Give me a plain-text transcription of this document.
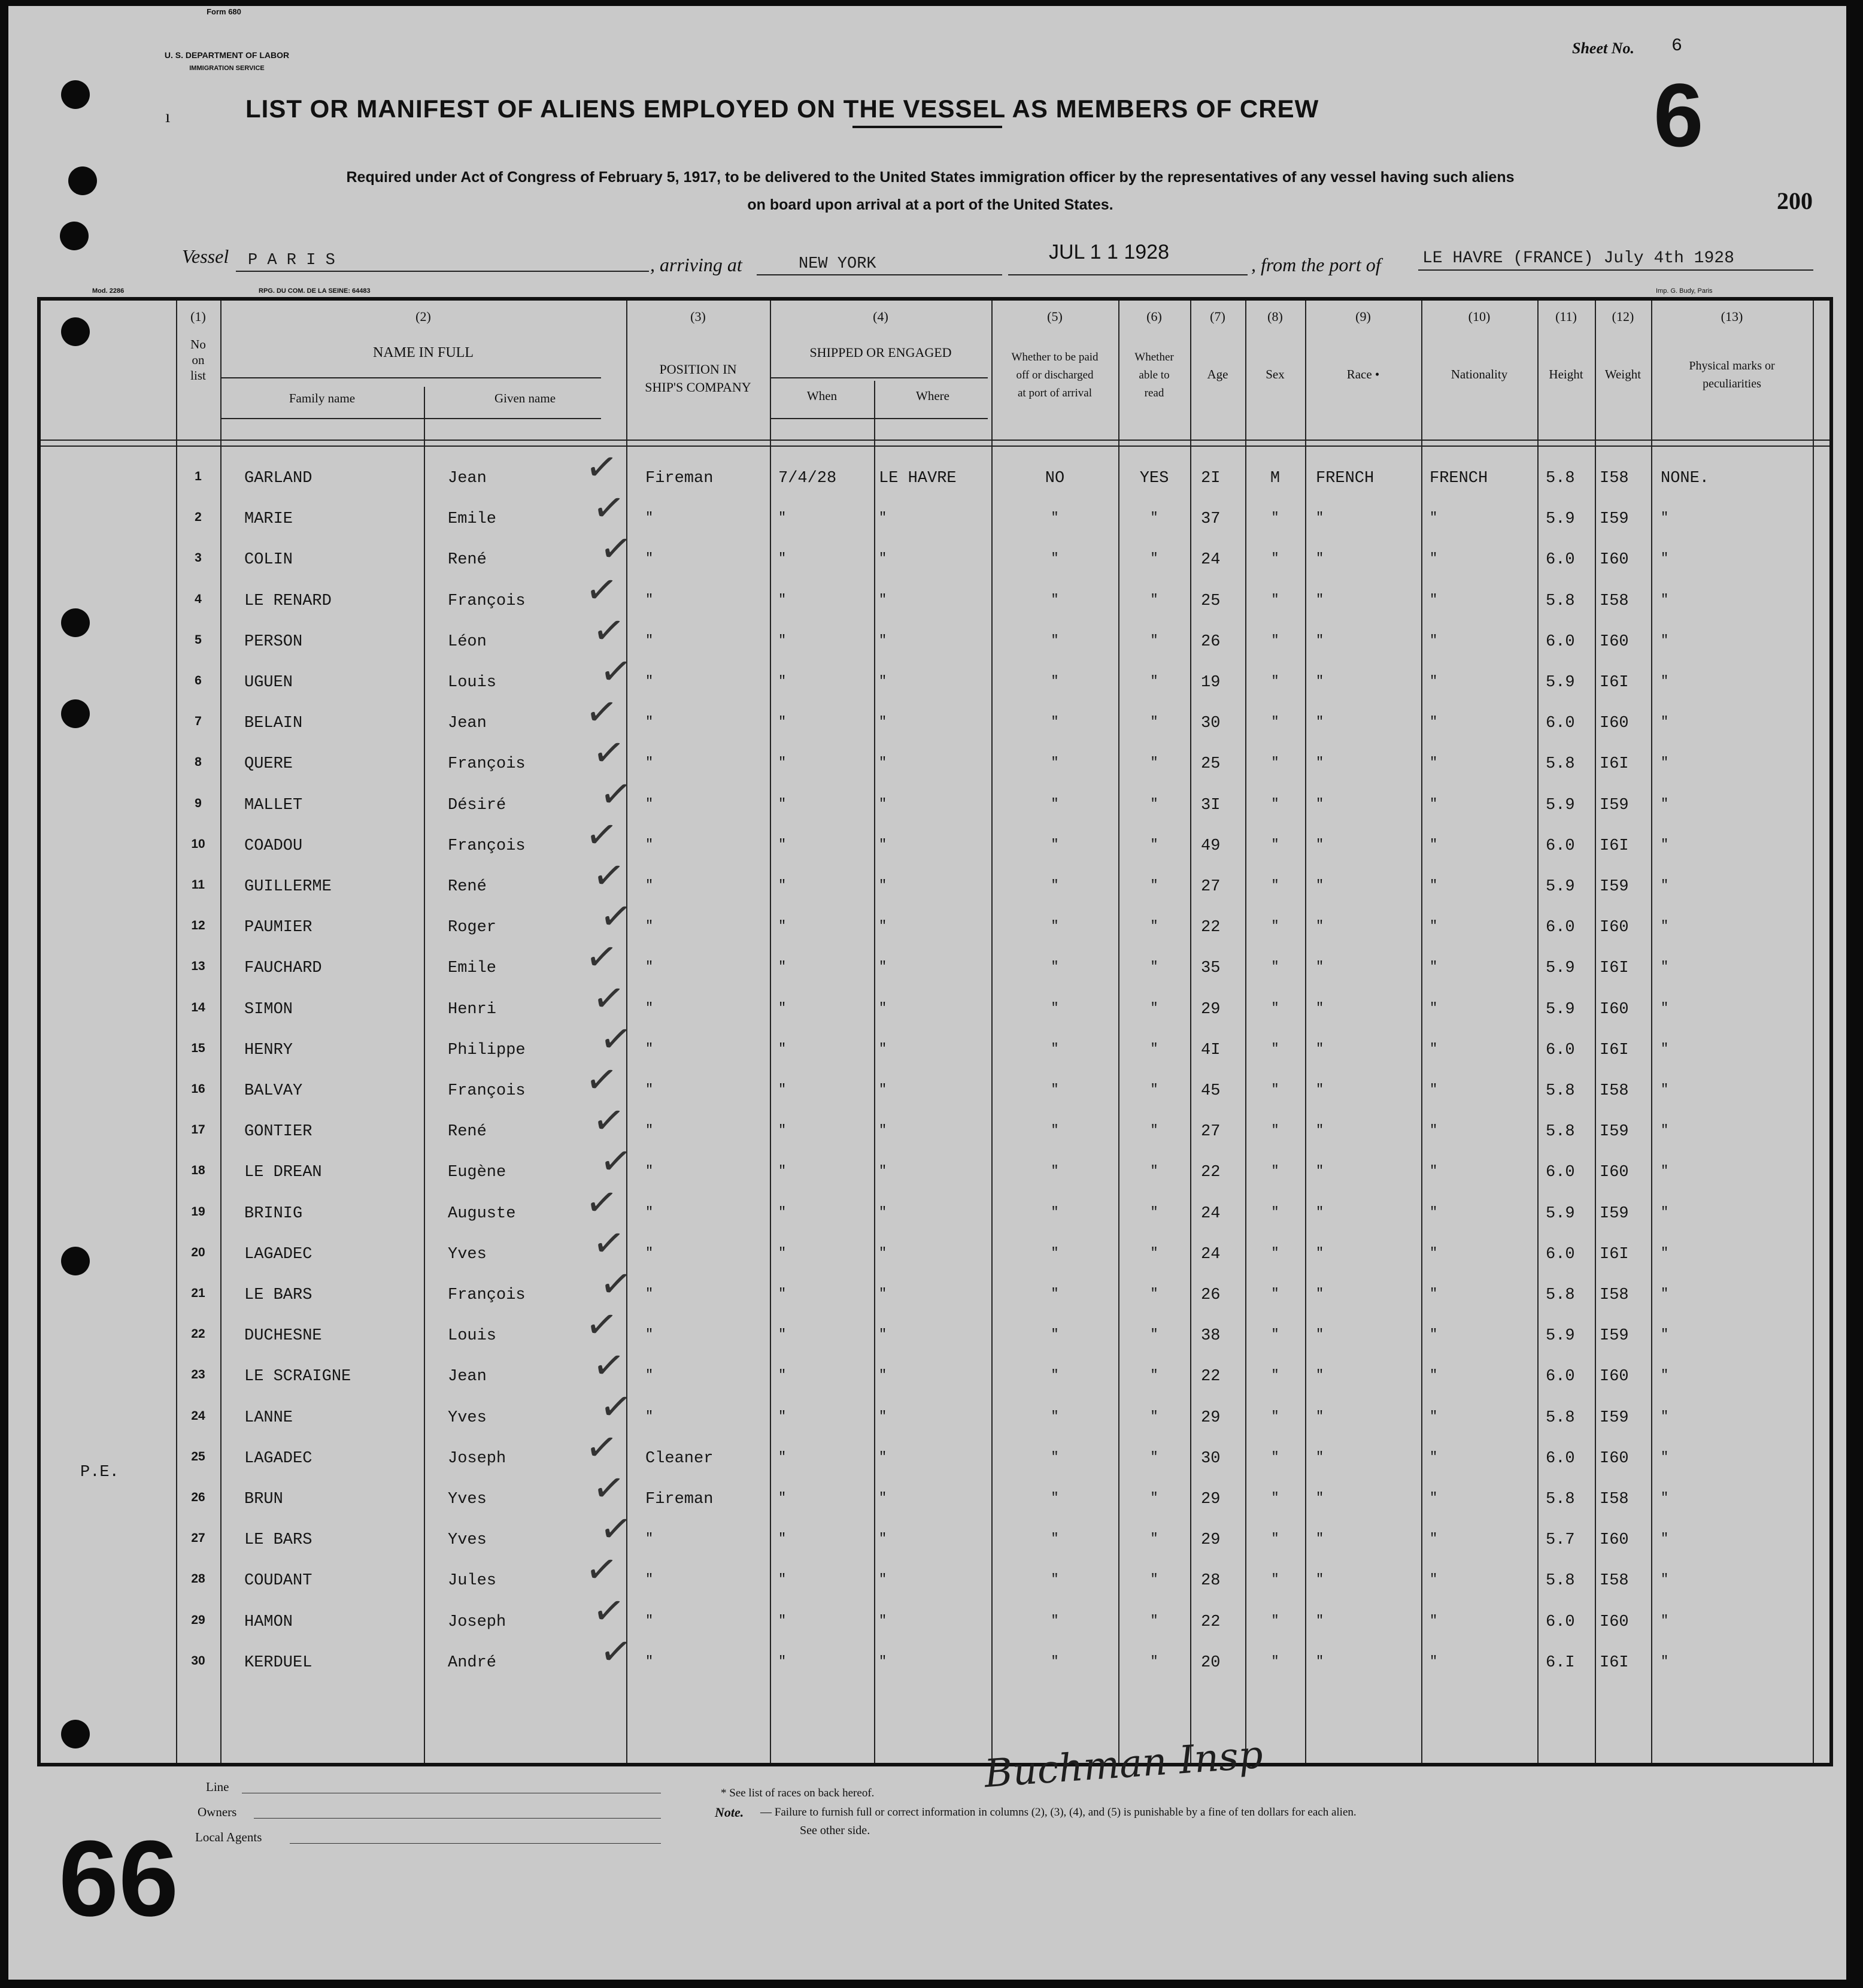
Form 680
U. S. DEPARTMENT OF LABOR
IMMIGRATION SERVICE
ı
Sheet No. 6
6
LIST OR MANIFEST OF ALIENS EMPLOYED ON THE VESSEL AS MEMBERS OF CREW
Required under Act of Congress of February 5, 1917, to be delivered to the United States immigration officer by the representatives of any vessel having such aliens
on board upon arrival at a port of the United States.	200
Vessel P A R I S	, arriving at	NEW YORK
JUL 1 1 1928
, from the port of LE HAVRE (FRANCE) July 4th 1928
Mod. 2286	RPG. DU COM. DE LA SEINE: 64483	Imp. G. Budy, Paris
(1)
No
on
list
(2)
NAME IN FULL
Family name	Given name
(3)
POSITION IN
SHIP'S COMPANY
(4)
SHIPPED OR ENGAGED
When	Where
(5)
Whether to be paid
off or discharged
at port of arrival
(6)
Whether
able to
read
(7)
Age
(8)
Sex
(9)
Race •
(10)
Nationality
(11)
Height
(12)
Weight
(13)
Physical marks or
peculiarities
1	GARLAND	Jean	Fireman	7/4/28	LE HAVRE	NO	YES	2I	M	FRENCH	FRENCH	5.8 I58 NONE.
✓
2	MARIE	Emile	"	"	"	"	"	37	"	"	"	5.9 I59 "
✓
3	COLIN	René	"	"	"	"	"	24	"	"	"	6.0 I60 "
✓
4	LE RENARD	François	"	"	"	"	"	25	"	"	"	5.8 I58 "
✓
5	PERSON	Léon	"	"	"	"	"	26	"	"	"	6.0 I60 "
✓
6	UGUEN	Louis	"	"	"	"	"	19	"	"	"	5.9 I6I "
✓
7	BELAIN	Jean	"	"	"	"	"	30	"	"	"	6.0 I60 "
✓
8	QUERE	François	"	"	"	"	"	25	"	"	"	5.8 I6I "
✓
9	MALLET	Désiré	"	"	"	"	"	3I	"	"	"	5.9 I59 "
✓
10	COADOU	François	"	"	"	"	"	49	"	"	"	6.0 I6I "
✓
11	GUILLERME	René	"	"	"	"	"	27	"	"	"	5.9 I59 "
✓
12	PAUMIER	Roger	"	"	"	"	"	22	"	"	"	6.0 I60 "
✓
13	FAUCHARD	Emile	"	"	"	"	"	35	"	"	"	5.9 I6I "
✓
14	SIMON	Henri	"	"	"	"	"	29	"	"	"	5.9 I60 "
✓
15	HENRY	Philippe	"	"	"	"	"	4I	"	"	"	6.0 I6I "
✓
16	BALVAY	François	"	"	"	"	"	45	"	"	"	5.8 I58 "
✓
17	GONTIER	René	"	"	"	"	"	27	"	"	"	5.8 I59 "
✓
18	LE DREAN	Eugène	"	"	"	"	"	22	"	"	"	6.0 I60 "
✓
19	BRINIG	Auguste	"	"	"	"	"	24	"	"	"	5.9 I59 "
✓
20	LAGADEC	Yves	"	"	"	"	"	24	"	"	"	6.0 I6I "
✓
21	LE BARS	François	"	"	"	"	"	26	"	"	"	5.8 I58 "
✓
22	DUCHESNE	Louis	"	"	"	"	"	38	"	"	"	5.9 I59 "
✓
23	LE SCRAIGNE	Jean	"	"	"	"	"	22	"	"	"	6.0 I60 "
✓
24	LANNE	Yves	"	"	"	"	"	29	"	"	"	5.8 I59 "
✓
25	LAGADEC	Joseph	Cleaner	"	"	"	"	30	"	"	"	6.0 I60 "
✓
26	BRUN	Yves	Fireman	"	"	"	"	29	"	"	"	5.8 I58 "
✓
27	LE BARS	Yves	"	"	"	"	"	29	"	"	"	5.7 I60 "
✓
28	COUDANT	Jules	"	"	"	"	"	28	"	"	"	5.8 I58 "
✓
29	HAMON	Joseph	"	"	"	"	"	22	"	"	"	6.0 I60 "
✓
30	KERDUEL	André	"	"	"	"	"	20	"	"	"	6.I I6I "
✓
P.E.
Line
Owners
Local Agents
* See list of races on back hereof.
Note. — Failure to furnish full or correct information in columns (2), (3), (4), and (5) is punishable by a fine of ten dollars for each alien.
See other side.
Buchman Insp
66
